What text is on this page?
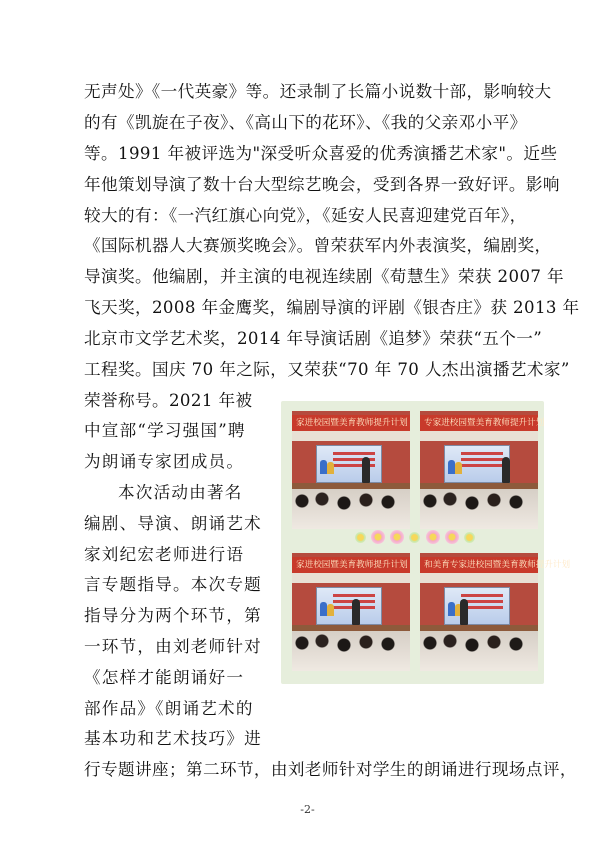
无声处》《一代英豪》等。还录制了长篇小说数十部，影响较大

的有《凯旋在子夜》、《高山下的花环》、《我的父亲邓小平》

等。1991 年被评选为"深受听众喜爱的优秀演播艺术家"。近些

年他策划导演了数十台大型综艺晚会，受到各界一致好评。影响

较大的有：《一汽红旗心向党》，《延安人民喜迎建党百年》，

《国际机器人大赛颁奖晚会》。曾荣获军内外表演奖，编剧奖，

导演奖。他编剧，并主演的电视连续剧《荀慧生》荣获 2007 年

飞天奖，2008 年金鹰奖，编剧导演的评剧《银杏庄》获 2013 年

北京市文学艺术奖，2014 年导演话剧《追梦》荣获“五个一”

工程奖。国庆 70 年之际，又荣获“70 年 70 人杰出演播艺术家”

荣誉称号。2021 年被

中宣部“学习强国”聘

为朗诵专家团成员。

本次活动由著名

编剧、导演、朗诵艺术

家刘纪宏老师进行语

言专题指导。本次专题

指导分为两个环节，第

一环节，由刘老师针对

《怎样才能朗诵好一

部作品》《朗诵艺术的

基本功和艺术技巧》进

行专题讲座；第二环节，由刘老师针对学生的朗诵进行现场点评，

家进校园暨美育教师提升计划	专家进校园暨美育教师提升计划
家进校园暨美育教师提升计划	和美育专家进校园暨美育教师提升计划
-2-
